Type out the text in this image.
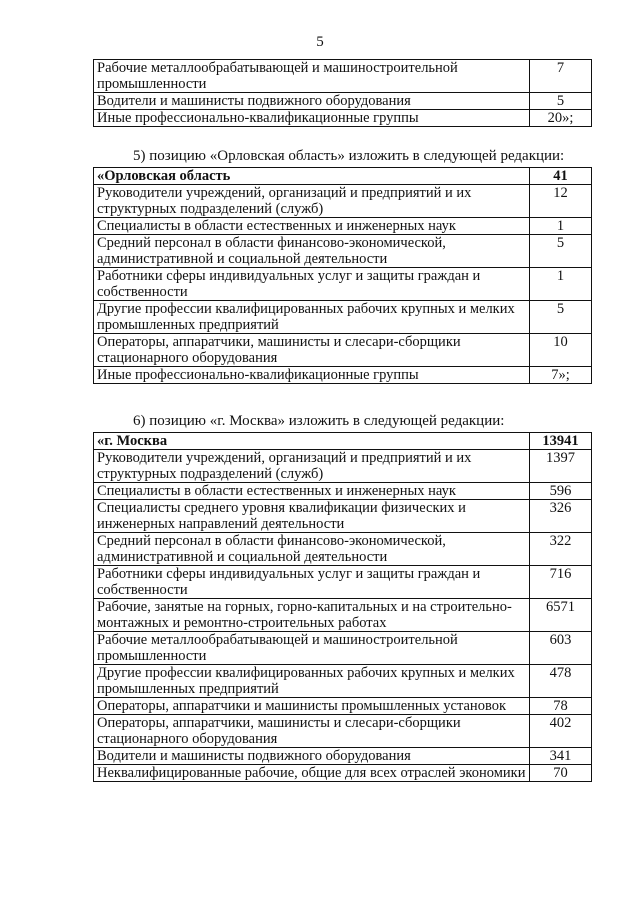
5
Рабочие металлообрабатывающей и машиностроительной промышленности	7
Водители и машинисты подвижного оборудования	5
Иные профессионально-квалификационные группы	20»;
5) позицию «Орловская область» изложить в следующей редакции:
«Орловская область	41
Руководители учреждений, организаций и предприятий и их структурных подразделений (служб)	12
Специалисты в области естественных и инженерных наук	1
Средний персонал в области финансово-экономической, административной и социальной деятельности	5
Работники сферы индивидуальных услуг и защиты граждан и собственности	1
Другие профессии квалифицированных рабочих крупных и мелких промышленных предприятий	5
Операторы, аппаратчики, машинисты и слесари-сборщики стационарного оборудования	10
Иные профессионально-квалификационные группы	7»;
6) позицию «г. Москва» изложить в следующей редакции:
«г. Москва	13941
Руководители учреждений, организаций и предприятий и их структурных подразделений (служб)	1397
Специалисты в области естественных и инженерных наук	596
Специалисты среднего уровня квалификации физических и инженерных направлений деятельности	326
Средний персонал в области финансово-экономической, административной и социальной деятельности	322
Работники сферы индивидуальных услуг и защиты граждан и собственности	716
Рабочие, занятые на горных, горно-капитальных и на строительно-монтажных и ремонтно-строительных работах	6571
Рабочие металлообрабатывающей и машиностроительной промышленности	603
Другие профессии квалифицированных рабочих крупных и мелких промышленных предприятий	478
Операторы, аппаратчики и машинисты промышленных установок	78
Операторы, аппаратчики, машинисты и слесари-сборщики стационарного оборудования	402
Водители и машинисты подвижного оборудования	341
Неквалифицированные рабочие, общие для всех отраслей экономики	70
